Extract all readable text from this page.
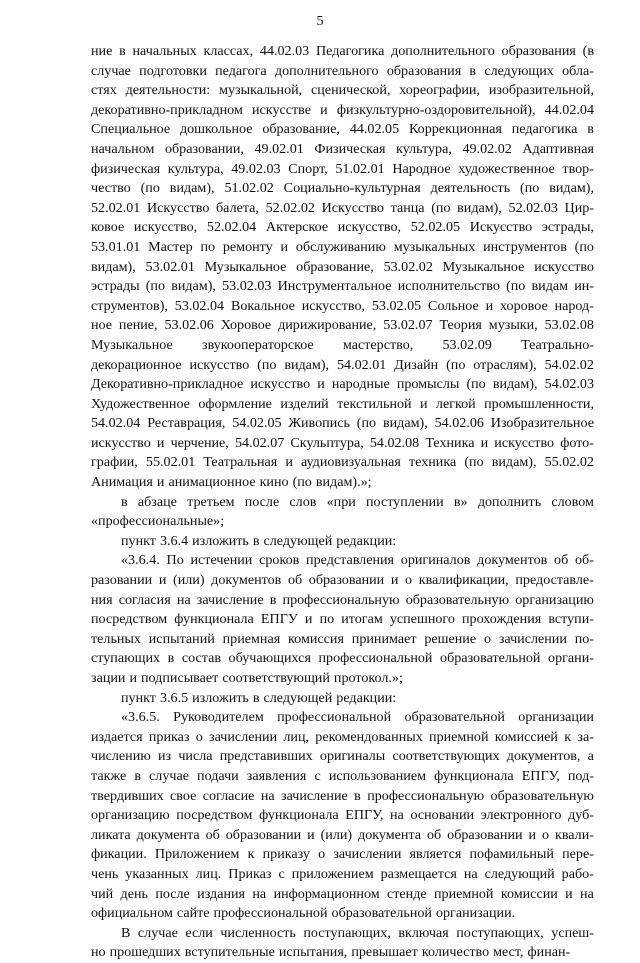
5
ние в начальных классах, 44.02.03 Педагогика дополнительного образования (в
случае подготовки педагога дополнительного образования в следующих обла-
стях деятельности: музыкальной, сценической, хореографии, изобразительной,
декоративно-прикладном искусстве и физкультурно-оздоровительной), 44.02.04
Специальное дошкольное образование, 44.02.05 Коррекционная педагогика в
начальном образовании, 49.02.01 Физическая культура, 49.02.02 Адаптивная
физическая культура, 49.02.03 Спорт, 51.02.01 Народное художественное твор-
чество (по видам), 51.02.02 Социально-культурная деятельность (по видам),
52.02.01 Искусство балета, 52.02.02 Искусство танца (по видам), 52.02.03 Цир-
ковое искусство, 52.02.04 Актерское искусство, 52.02.05 Искусство эстрады,
53.01.01 Мастер по ремонту и обслуживанию музыкальных инструментов (по
видам), 53.02.01 Музыкальное образование, 53.02.02 Музыкальное искусство
эстрады (по видам), 53.02.03 Инструментальное исполнительство (по видам ин-
струментов), 53.02.04 Вокальное искусство, 53.02.05 Сольное и хоровое народ-
ное пение, 53.02.06 Хоровое дирижирование, 53.02.07 Теория музыки, 53.02.08
Музыкальное звукооператорское мастерство, 53.02.09 Театрально-
декорационное искусство (по видам), 54.02.01 Дизайн (по отраслям), 54.02.02
Декоративно-прикладное искусство и народные промыслы (по видам), 54.02.03
Художественное оформление изделий текстильной и легкой промышленности,
54.02.04 Реставрация, 54.02.05 Живопись (по видам), 54.02.06 Изобразительное
искусство и черчение, 54.02.07 Скульптура, 54.02.08 Техника и искусство фото-
графии, 55.02.01 Театральная и аудиовизуальная техника (по видам), 55.02.02
Анимация и анимационное кино (по видам).»;
в абзаце третьем после слов «при поступлении в» дополнить словом
«профессиональные»;
пункт 3.6.4 изложить в следующей редакции:
«3.6.4. По истечении сроков представления оригиналов документов об об-
разовании и (или) документов об образовании и о квалификации, предоставле-
ния согласия на зачисление в профессиональную образовательную организацию
посредством функционала ЕПГУ и по итогам успешного прохождения вступи-
тельных испытаний приемная комиссия принимает решение о зачислении по-
ступающих в состав обучающихся профессиональной образовательной органи-
зации и подписывает соответствующий протокол.»;
пункт 3.6.5 изложить в следующей редакции:
«3.6.5. Руководителем профессиональной образовательной организации
издается приказ о зачислении лиц, рекомендованных приемной комиссией к за-
числению из числа представивших оригиналы соответствующих документов, а
также в случае подачи заявления с использованием функционала ЕПГУ, под-
твердивших свое согласие на зачисление в профессиональную образовательную
организацию посредством функционала ЕПГУ, на основании электронного дуб-
ликата документа об образовании и (или) документа об образовании и о квали-
фикации. Приложением к приказу о зачислении является пофамильный пере-
чень указанных лиц. Приказ с приложением размещается на следующий рабо-
чий день после издания на информационном стенде приемной комиссии и на
официальном сайте профессиональной образовательной организации.
В случае если численность поступающих, включая поступающих, успеш-
но прошедших вступительные испытания, превышает количество мест, финан-
